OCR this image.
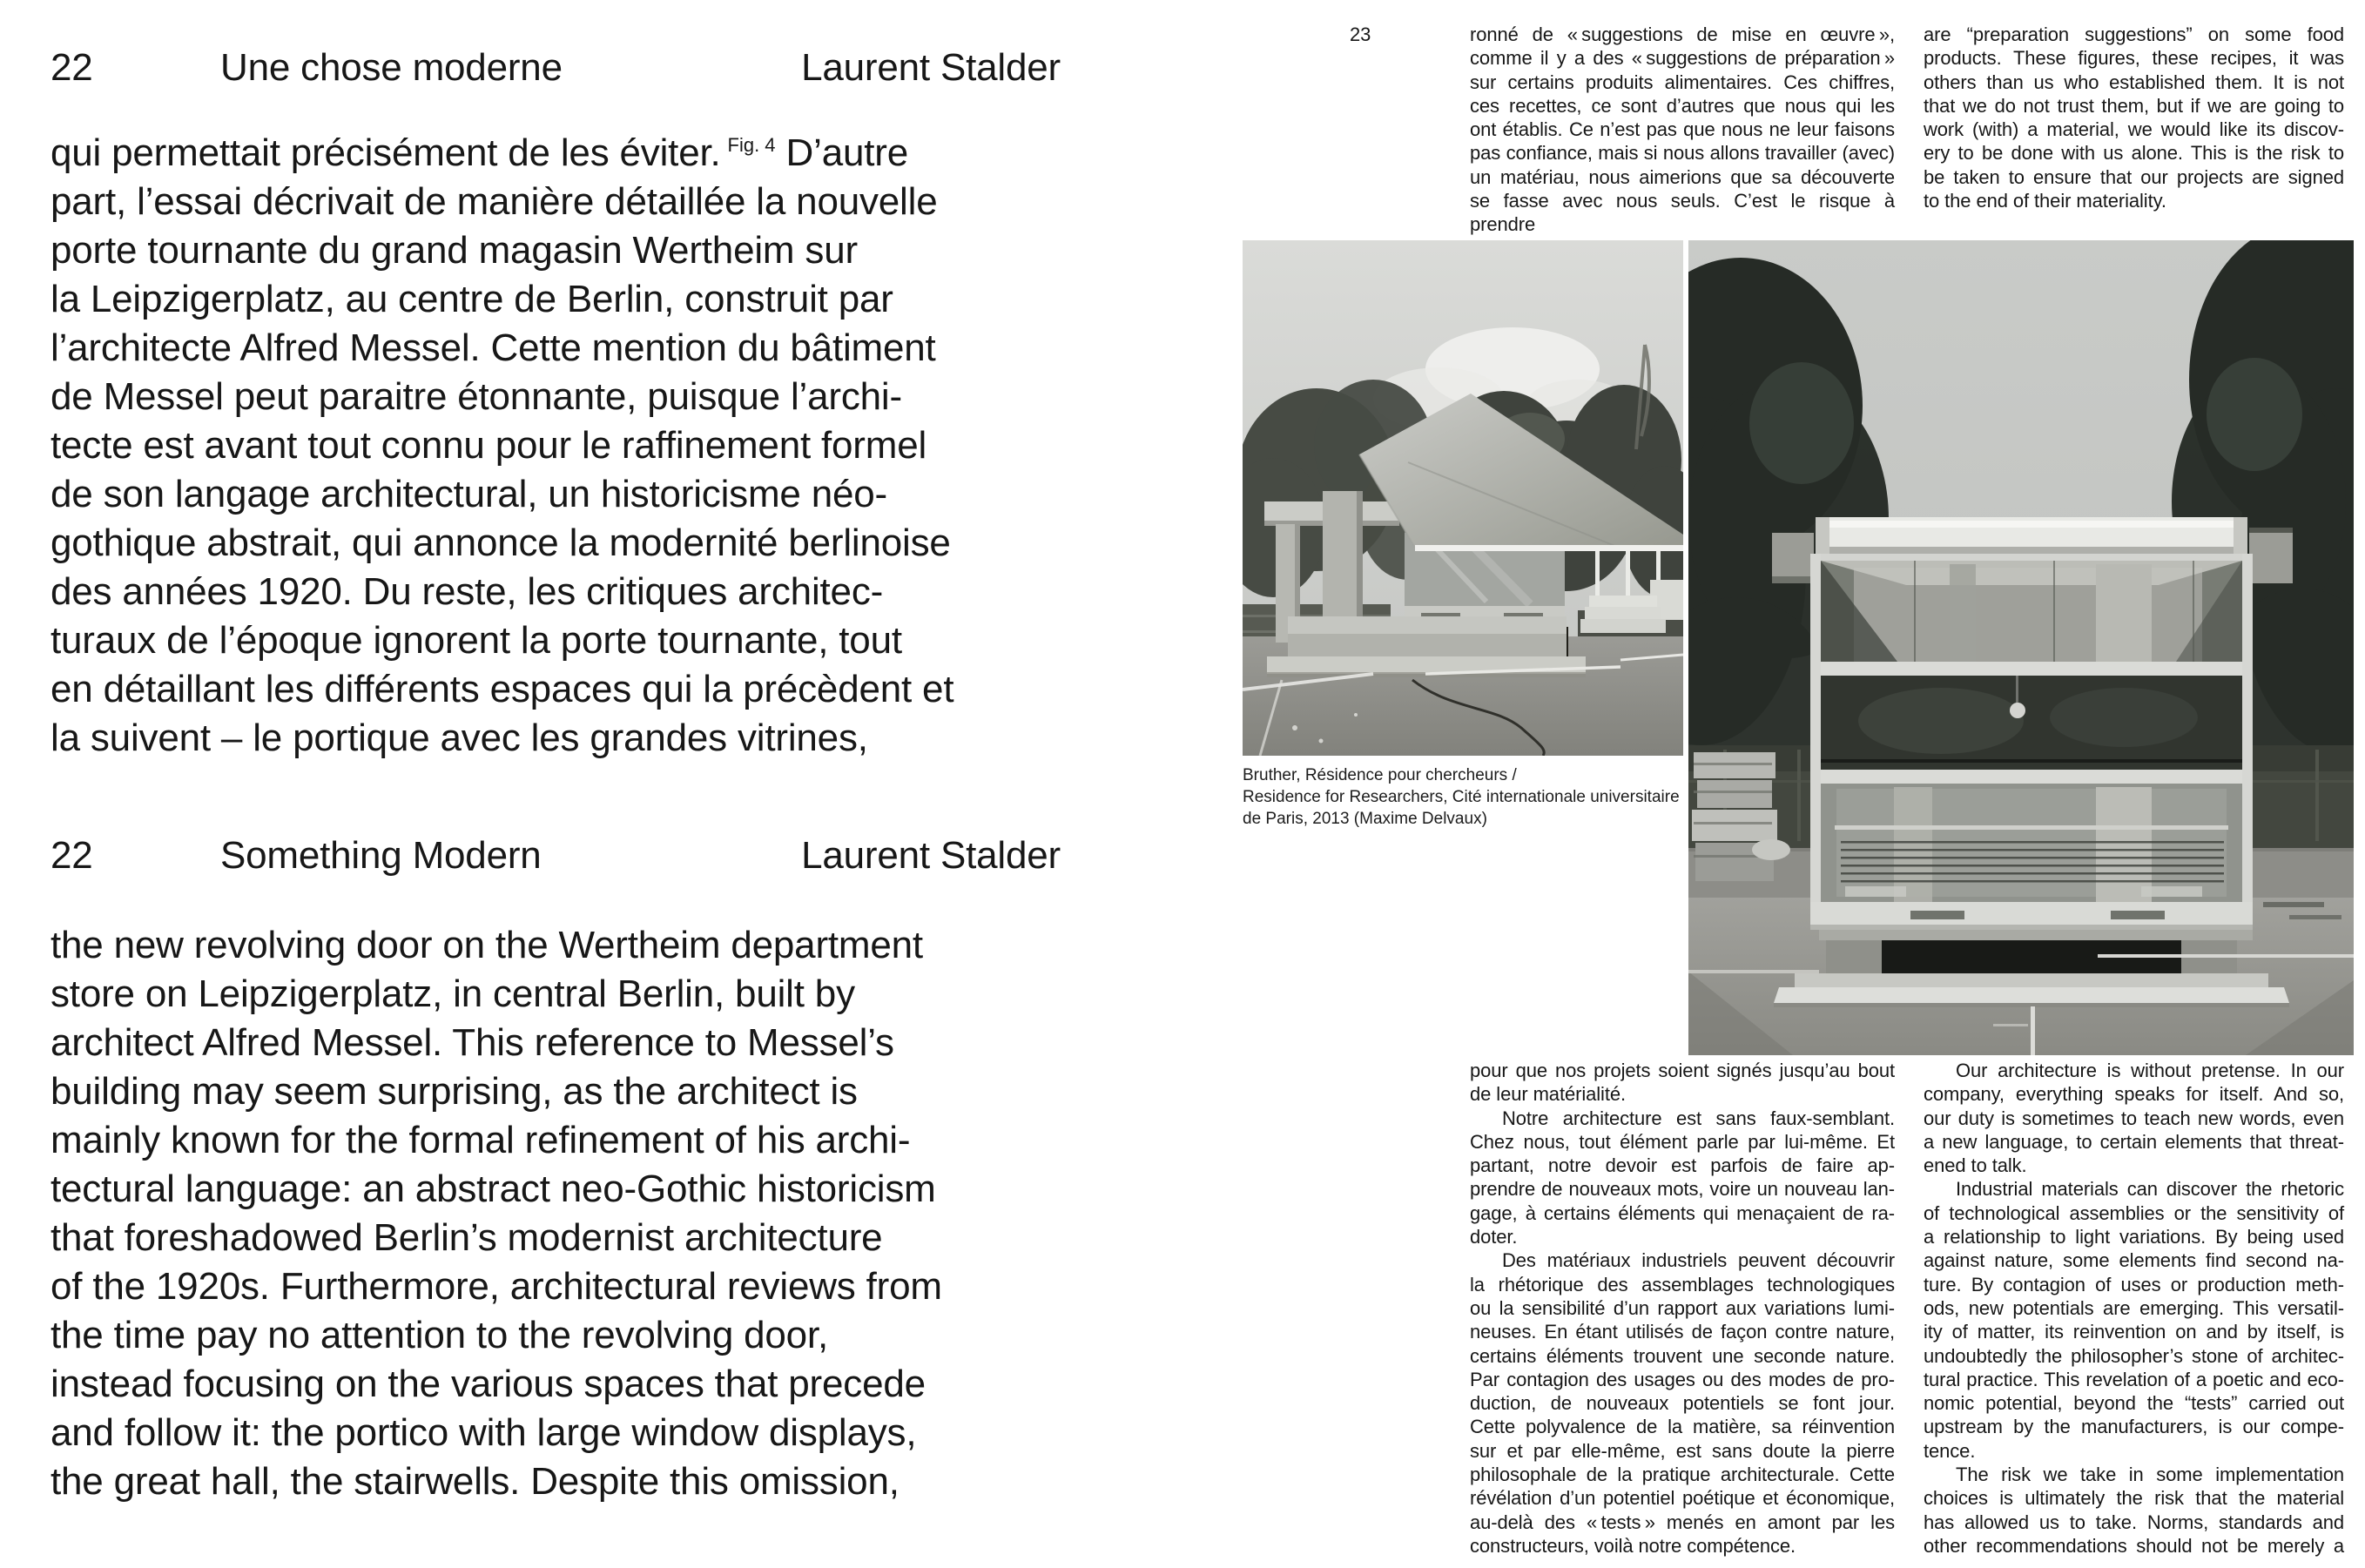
22	Une chose moderne	Laurent Stalder
qui permettait précisément de les éviter. $^{Fig. 4}$ D’autre
part, l’essai décrivait de manière détaillée la nouvelle
porte tournante du grand magasin Wertheim sur
la Leipzigerplatz, au centre de Berlin, construit par
l’architecte Alfred Messel. Cette mention du bâtiment
de Messel peut paraitre étonnante, puisque l’archi-
tecte est avant tout connu pour le raffinement formel
de son langage architectural, un historicisme néo-
gothique abstrait, qui annonce la modernité berlinoise
des années 1920. Du reste, les critiques architec-
turaux de l’époque ignorent la porte tournante, tout
en détaillant les différents espaces qui la précèdent et
la suivent – le portique avec les grandes vitrines,
22	Something Modern	Laurent Stalder
the new revolving door on the Wertheim department
store on Leipzigerplatz, in central Berlin, built by
architect Alfred Messel. This reference to Messel’s
building may seem surprising, as the architect is
mainly known for the formal refinement of his archi-
tectural language: an abstract neo-Gothic historicism
that foreshadowed Berlin’s modernist architecture
of the 1920s. Furthermore, architectural reviews from
the time pay no attention to the revolving door,
instead focusing on the various spaces that precede
and follow it: the portico with large window displays,
the great hall, the stairwells. Despite this omission,
23	ronné de « suggestions de mise en œuvre »,
comme il y a des « suggestions de préparation »
sur certains produits alimentaires. Ces chiffres,
ces recettes, ce sont d’autres que nous qui les
ont établis. Ce n’est pas que nous ne leur faisons
pas confiance, mais si nous allons travailler (avec)
un matériau, nous aimerions que sa découverte
se fasse avec nous seuls. C’est le risque à prendre
are “preparation suggestions” on some food
products. These figures, these recipes, it was
others than us who established them. It is not
that we do not trust them, but if we are going to
work (with) a material, we would like its discov-
ery to be done with us alone. This is the risk to
be taken to ensure that our projects are signed
to the end of their materiality.
Bruther, Résidence pour chercheurs /
Residence for Researchers, Cité internationale universitaire
de Paris, 2013 (Maxime Delvaux)
pour que nos projets soient signés jusqu’au bout
de leur matérialité.
Notre architecture est sans faux-semblant.
Chez nous, tout élément parle par lui-même. Et
partant, notre devoir est parfois de faire ap-
prendre de nouveaux mots, voire un nouveau lan-
gage, à certains éléments qui menaçaient de ra-
doter.
Des matériaux industriels peuvent découvrir
la rhétorique des assemblages technologiques
ou la sensibilité d’un rapport aux variations lumi-
neuses. En étant utilisés de façon contre nature,
certains éléments trouvent une seconde nature.
Par contagion des usages ou des modes de pro-
duction, de nouveaux potentiels se font jour.
Cette polyvalence de la matière, sa réinvention
sur et par elle-même, est sans doute la pierre
philosophale de la pratique architecturale. Cette
révélation d’un potentiel poétique et économique,
au-delà des « tests » menés en amont par les
constructeurs, voilà notre compétence.
Our architecture is without pretense. In our
company, everything speaks for itself. And so,
our duty is sometimes to teach new words, even
a new language, to certain elements that threat-
ened to talk.
Industrial materials can discover the rhetoric
of technological assemblies or the sensitivity of
a relationship to light variations. By being used
against nature, some elements find second na-
ture. By contagion of uses or production meth-
ods, new potentials are emerging. This versatil-
ity of matter, its reinvention on and by itself, is
undoubtedly the philosopher’s stone of architec-
tural practice. This revelation of a poetic and eco-
nomic potential, beyond the “tests” carried out
upstream by the manufacturers, is our compe-
tence.
The risk we take in some implementation
choices is ultimately the risk that the material
has allowed us to take. Norms, standards and
other recommendations should not be merely a
